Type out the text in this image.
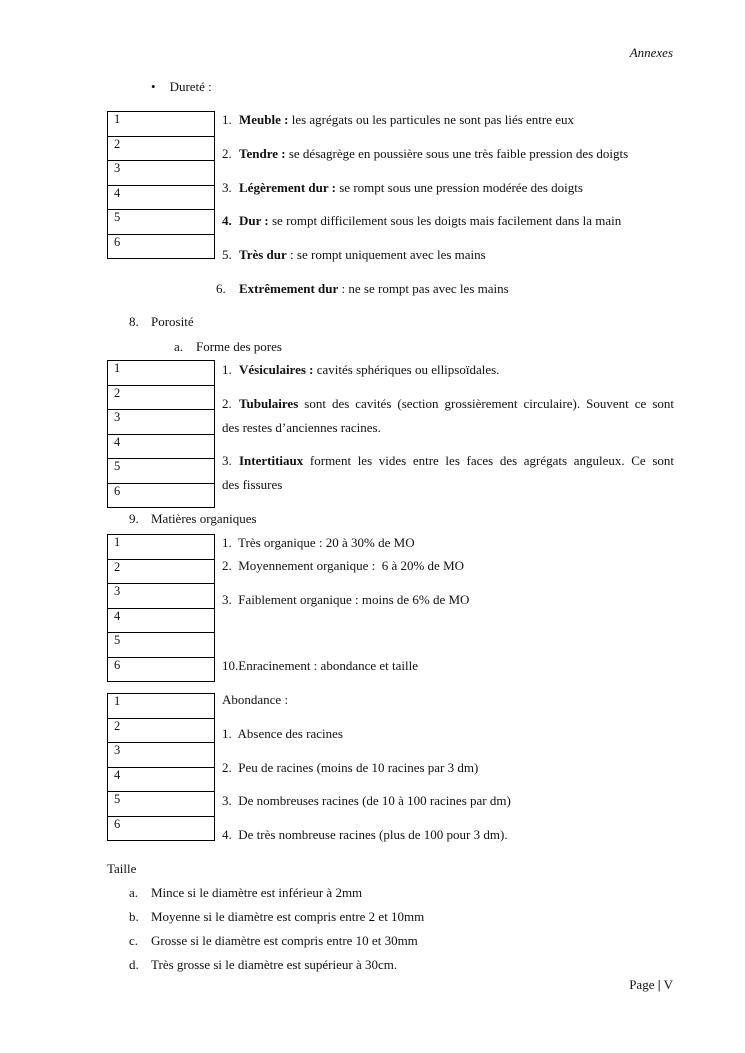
Annexes
• Dureté :
1
2
3
4
5
6
1. Meuble : les agrégats ou les particules ne sont pas liés entre eux
2. Tendre : se désagrège en poussière sous une très faible pression des doigts
3. Légèrement dur : se rompt sous une pression modérée des doigts
4. Dur : se rompt difficilement sous les doigts mais facilement dans la main
5. Très dur : se rompt uniquement avec les mains
6. Extrêmement dur : ne se rompt pas avec les mains
8. Porosité
a. Forme des pores
1
2
3
4
5
6
1. Vésiculaires : cavités sphériques ou ellipsoïdales.
2. Tubulaires sont des cavités (section grossièrement circulaire). Souvent ce sont
des restes d’anciennes racines.
3. Intertitiaux forment les vides entre les faces des agrégats anguleux. Ce sont
des fissures
9. Matières organiques
1
2
3
4
5
6
1.  Très organique : 20 à 30% de MO
2.  Moyennement organique :  6 à 20% de MO
3.  Faiblement organique : moins de 6% de MO
10.Enracinement : abondance et taille
1
2
3
4
5
6
Abondance :
1.  Absence des racines
2.  Peu de racines (moins de 10 racines par 3 dm)
3.  De nombreuses racines (de 10 à 100 racines par dm)
4.  De très nombreuse racines (plus de 100 pour 3 dm).
Taille
a. Mince si le diamètre est inférieur à 2mm
b. Moyenne si le diamètre est compris entre 2 et 10mm
c. Grosse si le diamètre est compris entre 10 et 30mm
d. Très grosse si le diamètre est supérieur à 30cm.
Page | V
